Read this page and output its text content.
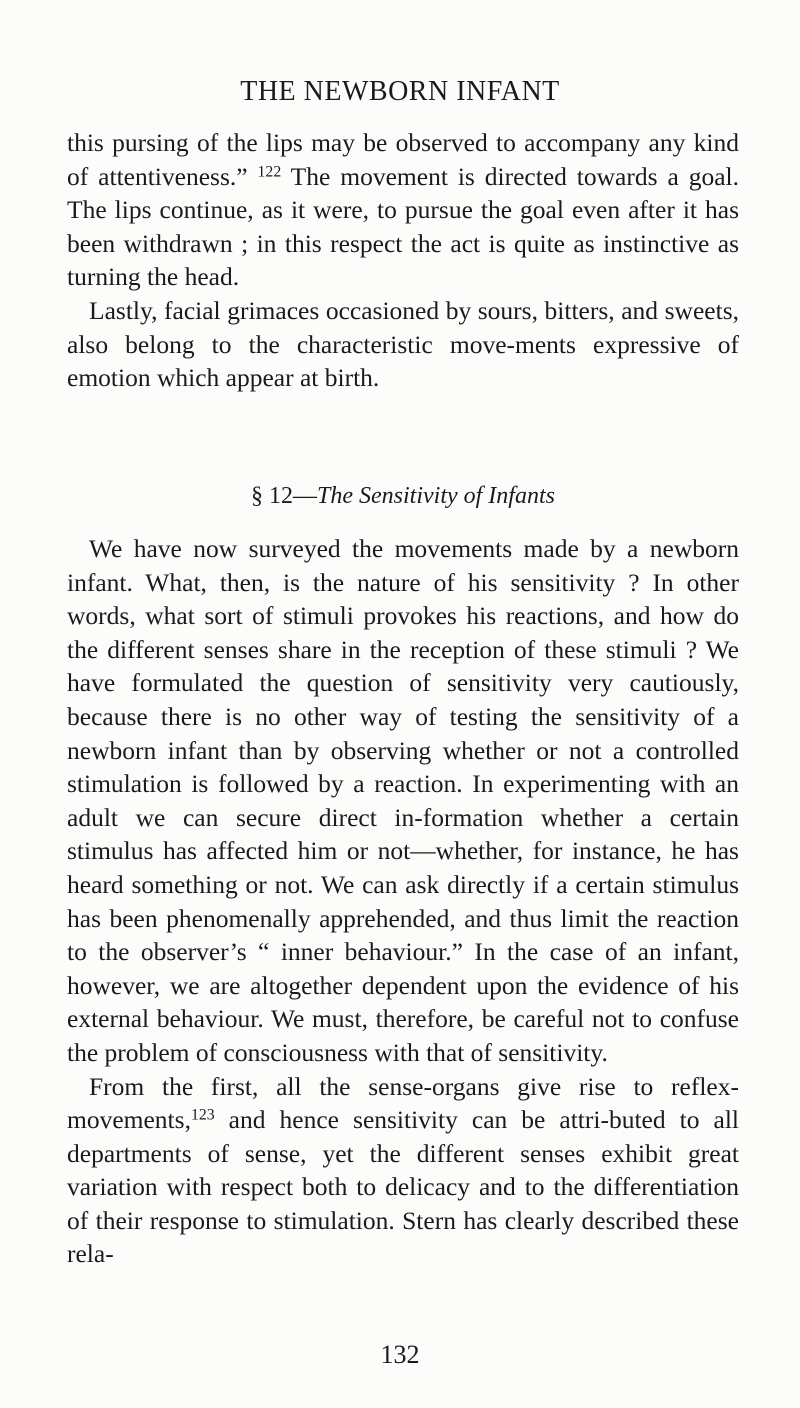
THE NEWBORN INFANT

this pursing of the lips may be observed to accompany any kind of attentiveness.” $^{122}$ The movement is directed towards a goal. The lips continue, as it were, to pursue the goal even after it has been withdrawn ; in this respect the act is quite as instinctive as turning the head.

Lastly, facial grimaces occasioned by sours, bitters, and sweets, also belong to the characteristic move-ments expressive of emotion which appear at birth.

§ 12—The Sensitivity of Infants

We have now surveyed the movements made by a newborn infant. What, then, is the nature of his sensitivity ? In other words, what sort of stimuli provokes his reactions, and how do the different senses share in the reception of these stimuli ? We have formulated the question of sensitivity very cautiously, because there is no other way of testing the sensitivity of a newborn infant than by observing whether or not a controlled stimulation is followed by a reaction. In experimenting with an adult we can secure direct in-formation whether a certain stimulus has affected him or not—whether, for instance, he has heard something or not. We can ask directly if a certain stimulus has been phenomenally apprehended, and thus limit the reaction to the observer’s “ inner behaviour.” In the case of an infant, however, we are altogether dependent upon the evidence of his external behaviour. We must, therefore, be careful not to confuse the problem of consciousness with that of sensitivity.

From the first, all the sense-organs give rise to reflex-movements,$^{123}$ and hence sensitivity can be attri-buted to all departments of sense, yet the different senses exhibit great variation with respect both to delicacy and to the differentiation of their response to stimulation. Stern has clearly described these rela-

132
